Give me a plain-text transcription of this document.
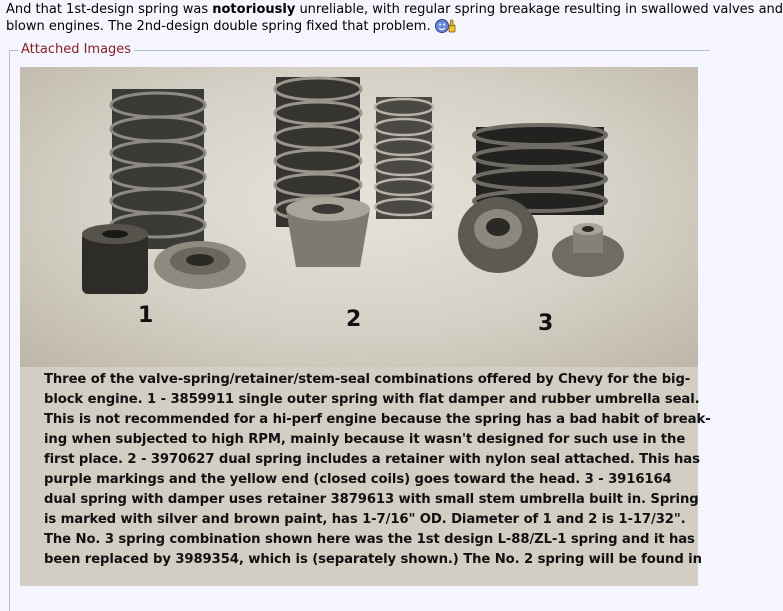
And that 1st-design spring was notoriously unreliable, with regular spring breakage resulting in swallowed valves and
blown engines. The 2nd-design double spring fixed that problem.
Attached Images
1	2	3
Three of the valve-spring/retainer/stem-seal combinations offered by Chevy for the big-
block engine. 1 - 3859911 single outer spring with flat damper and rubber umbrella seal.
This is not recommended for a hi-perf engine because the spring has a bad habit of break-
ing when subjected to high RPM, mainly because it wasn't designed for such use in the
first place. 2 - 3970627 dual spring includes a retainer with nylon seal attached. This has
purple markings and the yellow end (closed coils) goes toward the head. 3 - 3916164
dual spring with damper uses retainer 3879613 with small stem umbrella built in. Spring
is marked with silver and brown paint, has 1-7/16" OD. Diameter of 1 and 2 is 1-17/32".
The No. 3 spring combination shown here was the 1st design L-88/ZL-1 spring and it has
been replaced by 3989354, which is (separately shown.) The No. 2 spring will be found in
